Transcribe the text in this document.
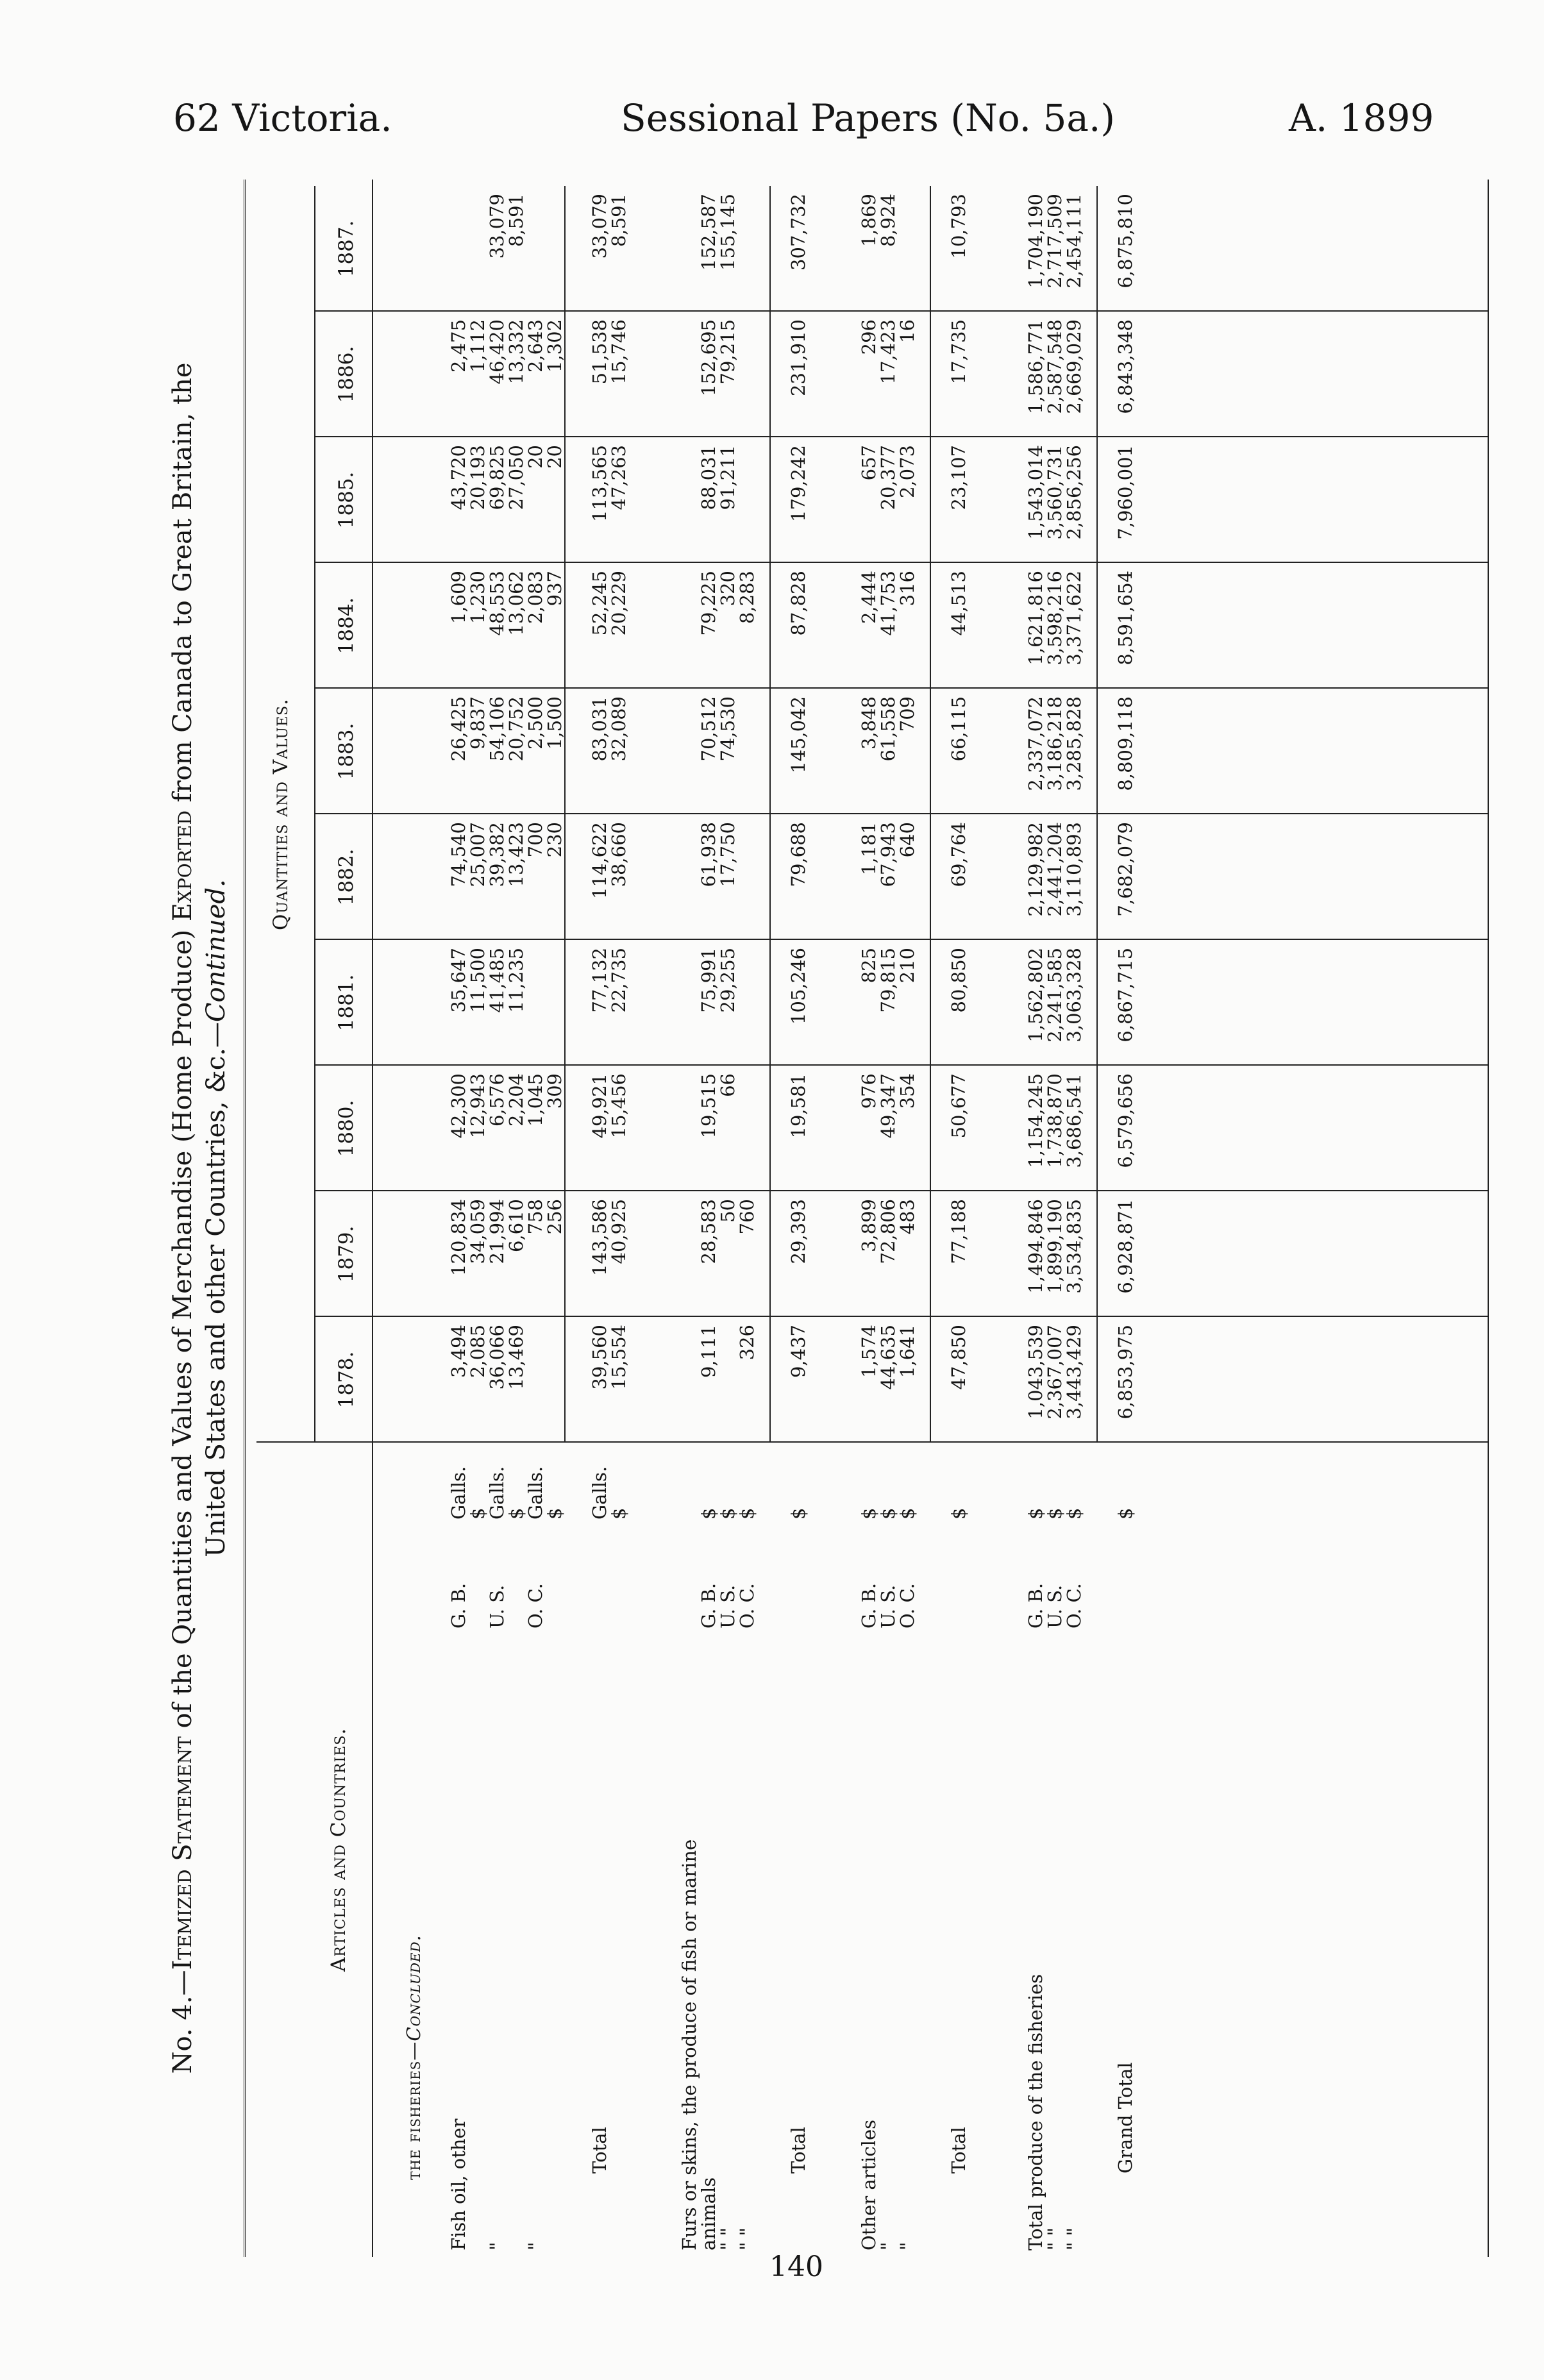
62 Victoria.	Sessional Papers (No. 5a.)	A. 1899
No. 4.—Itemized Statement of the Quantities and Values of Merchandise (Home Produce) Exported from Canada to Great Britain, the
United States and other Countries, &c.—Continued.
Articles and Countries.
Quantities and Values.
1878.
1879.
1880.
1881.
1882.
1883.
1884.
1885.
1886.
1887.
the fisheries—Concluded.
Fish oil, other
G. B.
Galls.
3,494
120,834
42,300
35,647
74,540
26,425
1,609
43,720
2,475
$
2,085
34,059
12,943
11,500
25,007
9,837
1,230
20,193
1,112
"
U. S.
Galls.
36,066
21,994
6,576
41,485
39,382
54,106
48,553
69,825
46,420
33,079
$
13,469
6,610
2,204
11,235
13,423
20,752
13,062
27,050
13,332
8,591
"
O. C.
Galls.
758
1,045
700
2,500
2,083
20
2,643
$
256
309
230
1,500
937
20
1,302
Total
Galls.
39,560
143,586
49,921
77,132
114,622
83,031
52,245
113,565
51,538
33,079
$
15,554
40,925
15,456
22,735
38,660
32,089
20,229
47,263
15,746
8,591
Furs or skins, the produce of fish or marine
animals
G. B.
$
9,111
28,583
19,515
75,991
61,938
70,512
79,225
88,031
152,695
152,587
" "
U. S.
$
50
66
29,255
17,750
74,530
320
91,211
79,215
155,145
" "
O. C.
$
326
760
8,283
Total
$
9,437
29,393
19,581
105,246
79,688
145,042
87,828
179,242
231,910
307,732
Other articles
G. B.
$
1,574
3,899
976
825
1,181
3,848
2,444
657
296
1,869
"
U. S.
$
44,635
72,806
49,347
79,815
67,943
61,558
41,753
20,377
17,423
8,924
"
O. C.
$
1,641
483
354
210
640
709
316
2,073
16
Total
$
47,850
77,188
50,677
80,850
69,764
66,115
44,513
23,107
17,735
10,793
Total produce of the fisheries
G. B.
$
1,043,539
1,494,846
1,154,245
1,562,802
2,129,982
2,337,072
1,621,816
1,543,014
1,586,771
1,704,190
" "
U. S.
$
2,367,007
1,899,190
1,738,870
2,241,585
2,441,204
3,186,218
3,598,216
3,560,731
2,587,548
2,717,509
" "
O. C.
$
3,443,429
3,534,835
3,686,541
3,063,328
3,110,893
3,285,828
3,371,622
2,856,256
2,669,029
2,454,111
Grand Total
$
6,853,975
6,928,871
6,579,656
6,867,715
7,682,079
8,809,118
8,591,654
7,960,001
6,843,348
6,875,810
140
